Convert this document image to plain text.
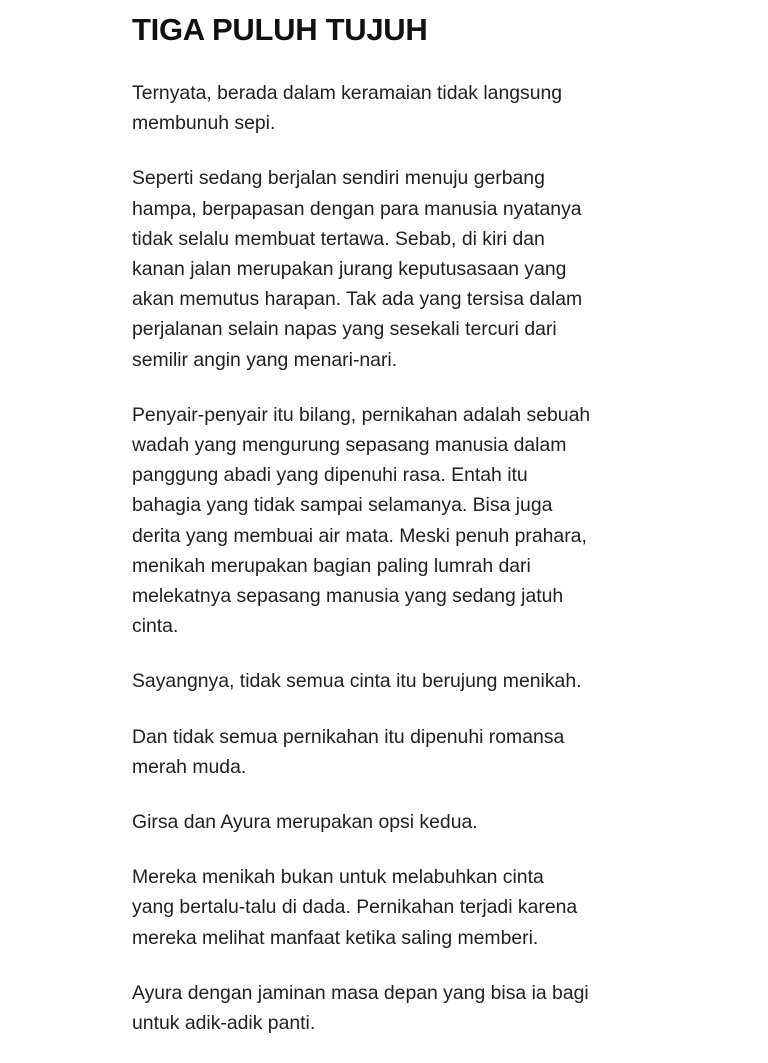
TIGA PULUH TUJUH

Ternyata, berada dalam keramaian tidak langsung
membunuh sepi.

Seperti sedang berjalan sendiri menuju gerbang
hampa, berpapasan dengan para manusia nyatanya
tidak selalu membuat tertawa. Sebab, di kiri dan
kanan jalan merupakan jurang keputusasaan yang
akan memutus harapan. Tak ada yang tersisa dalam
perjalanan selain napas yang sesekali tercuri dari
semilir angin yang menari-nari.

Penyair-penyair itu bilang, pernikahan adalah sebuah
wadah yang mengurung sepasang manusia dalam
panggung abadi yang dipenuhi rasa. Entah itu
bahagia yang tidak sampai selamanya. Bisa juga
derita yang membuai air mata. Meski penuh prahara,
menikah merupakan bagian paling lumrah dari
melekatnya sepasang manusia yang sedang jatuh
cinta.

Sayangnya, tidak semua cinta itu berujung menikah.

Dan tidak semua pernikahan itu dipenuhi romansa
merah muda.

Girsa dan Ayura merupakan opsi kedua.

Mereka menikah bukan untuk melabuhkan cinta
yang bertalu-talu di dada. Pernikahan terjadi karena
mereka melihat manfaat ketika saling memberi.

Ayura dengan jaminan masa depan yang bisa ia bagi
untuk adik-adik panti.
